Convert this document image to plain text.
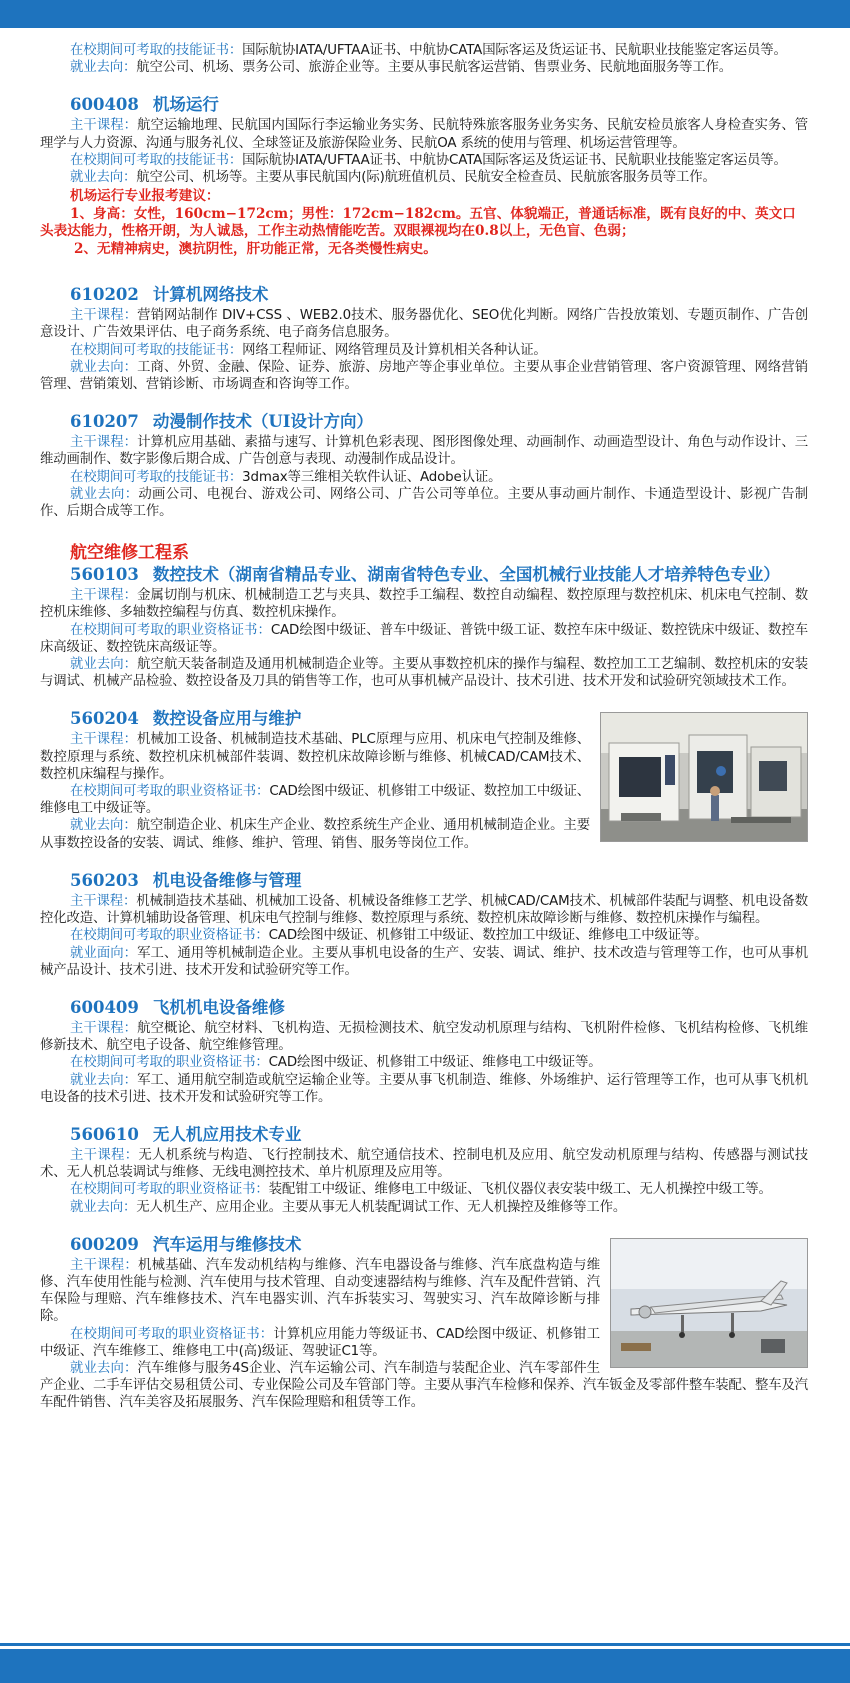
在校期间可考取的技能证书：国际航协IATA/UFTAA证书、中航协CATA国际客运及货运证书、民航职业技能鉴定客运员等。

就业去向：航空公司、机场、票务公司、旅游企业等。主要从事民航客运营销、售票业务、民航地面服务等工作。

600408 机场运行

主干课程：航空运输地理、民航国内国际行李运输业务实务、民航特殊旅客服务业务实务、民航安检员旅客人身检查实务、管理学与人力资源、沟通与服务礼仪、全球签证及旅游保险业务、民航OA 系统的使用与管理、机场运营管理等。

在校期间可考取的技能证书：国际航协IATA/UFTAA证书、中航协CATA国际客运及货运证书、民航职业技能鉴定客运员等。

就业去向：航空公司、机场等。主要从事民航国内(际)航班值机员、民航安全检查员、民航旅客服务员等工作。

机场运行专业报考建议：
1、身高：女性，160cm−172cm；男性：172cm−182cm。五官、体貌端正，普通话标准，既有良好的中、英文口头表达能力，性格开朗，为人诚恳，工作主动热情能吃苦。双眼裸视均在0.8以上，无色盲、色弱；
2、无精神病史，澳抗阴性，肝功能正常，无各类慢性病史。
610202 计算机网络技术

主干课程：营销网站制作 DIV+CSS 、WEB2.0技术、服务器优化、SEO优化判断。网络广告投放策划、专题页制作、广告创意设计、广告效果评估、电子商务系统、电子商务信息服务。

在校期间可考取的技能证书：网络工程师证、网络管理员及计算机相关各种认证。

就业去向：工商、外贸、金融、保险、证券、旅游、房地产等企事业单位。主要从事企业营销管理、客户资源管理、网络营销管理、营销策划、营销诊断、市场调查和咨询等工作。

610207 动漫制作技术（UI设计方向）

主干课程：计算机应用基础、素描与速写、计算机色彩表现、图形图像处理、动画制作、动画造型设计、角色与动作设计、三维动画制作、数字影像后期合成、广告创意与表现、动漫制作成品设计。

在校期间可考取的技能证书：3dmax等三维相关软件认证、Adobe认证。

就业去向：动画公司、电视台、游戏公司、网络公司、广告公司等单位。主要从事动画片制作、卡通造型设计、影视广告制作、后期合成等工作。

航空维修工程系
560103 数控技术（湖南省精品专业、湖南省特色专业、全国机械行业技能人才培养特色专业）

主干课程：金属切削与机床、机械制造工艺与夹具、数控手工编程、数控自动编程、数控原理与数控机床、机床电气控制、数控机床维修、多轴数控编程与仿真、数控机床操作。

在校期间可考取的职业资格证书：CAD绘图中级证、普车中级证、普铣中级工证、数控车床中级证、数控铣床中级证、数控车床高级证、数控铣床高级证等。

就业去向：航空航天装备制造及通用机械制造企业等。主要从事数控机床的操作与编程、数控加工工艺编制、数控机床的安装与调试、机械产品检验、数控设备及刀具的销售等工作，也可从事机械产品设计、技术引进、技术开发和试验研究领域技术工作。

560204 数控设备应用与维护

主干课程：机械加工设备、机械制造技术基础、PLC原理与应用、机床电气控制及维修、数控原理与系统、数控机床机械部件装调、数控机床故障诊断与维修、机械CAD/CAM技术、数控机床编程与操作。

在校期间可考取的职业资格证书：CAD绘图中级证、机修钳工中级证、数控加工中级证、维修电工中级证等。

就业去向：航空制造企业、机床生产企业、数控系统生产企业、通用机械制造企业。主要从事数控设备的安装、调试、维修、维护、管理、销售、服务等岗位工作。

560203 机电设备维修与管理

主干课程：机械制造技术基础、机械加工设备、机械设备维修工艺学、机械CAD/CAM技术、机械部件装配与调整、机电设备数控化改造、计算机辅助设备管理、机床电气控制与维修、数控原理与系统、数控机床故障诊断与维修、数控机床操作与编程。

在校期间可考取的职业资格证书：CAD绘图中级证、机修钳工中级证、数控加工中级证、维修电工中级证等。

就业面向：军工、通用等机械制造企业。主要从事机电设备的生产、安装、调试、维护、技术改造与管理等工作，也可从事机械产品设计、技术引进、技术开发和试验研究等工作。

600409 飞机机电设备维修

主干课程：航空概论、航空材料、飞机构造、无损检测技术、航空发动机原理与结构、飞机附件检修、飞机结构检修、飞机维修新技术、航空电子设备、航空维修管理。

在校期间可考取的职业资格证书：CAD绘图中级证、机修钳工中级证、维修电工中级证等。

就业去向：军工、通用航空制造或航空运输企业等。主要从事飞机制造、维修、外场维护、运行管理等工作，也可从事飞机机电设备的技术引进、技术开发和试验研究等工作。

560610 无人机应用技术专业

主干课程：无人机系统与构造、飞行控制技术、航空通信技术、控制电机及应用、航空发动机原理与结构、传感器与测试技术、无人机总装调试与维修、无线电测控技术、单片机原理及应用等。

在校期间可考取的职业资格证书：装配钳工中级证、维修电工中级证、飞机仪器仪表安装中级工、无人机操控中级工等。

就业去向：无人机生产、应用企业。主要从事无人机装配调试工作、无人机操控及维修等工作。

600209 汽车运用与维修技术

主干课程：机械基础、汽车发动机结构与维修、汽车电器设备与维修、汽车底盘构造与维修、汽车使用性能与检测、汽车使用与技术管理、自动变速器结构与维修、汽车及配件营销、汽车保险与理赔、汽车维修技术、汽车电器实训、汽车拆装实习、驾驶实习、汽车故障诊断与排除。

在校期间可考取的职业资格证书：计算机应用能力等级证书、CAD绘图中级证、机修钳工中级证、汽车维修工、维修电工中(高)级证、驾驶证C1等。

就业去向：汽车维修与服务4S企业、汽车运输公司、汽车制造与装配企业、汽车零部件生产企业、二手车评估交易租赁公司、专业保险公司及车管部门等。主要从事汽车检修和保养、汽车钣金及零部件整车装配、整车及汽车配件销售、汽车美容及拓展服务、汽车保险理赔和租赁等工作。
